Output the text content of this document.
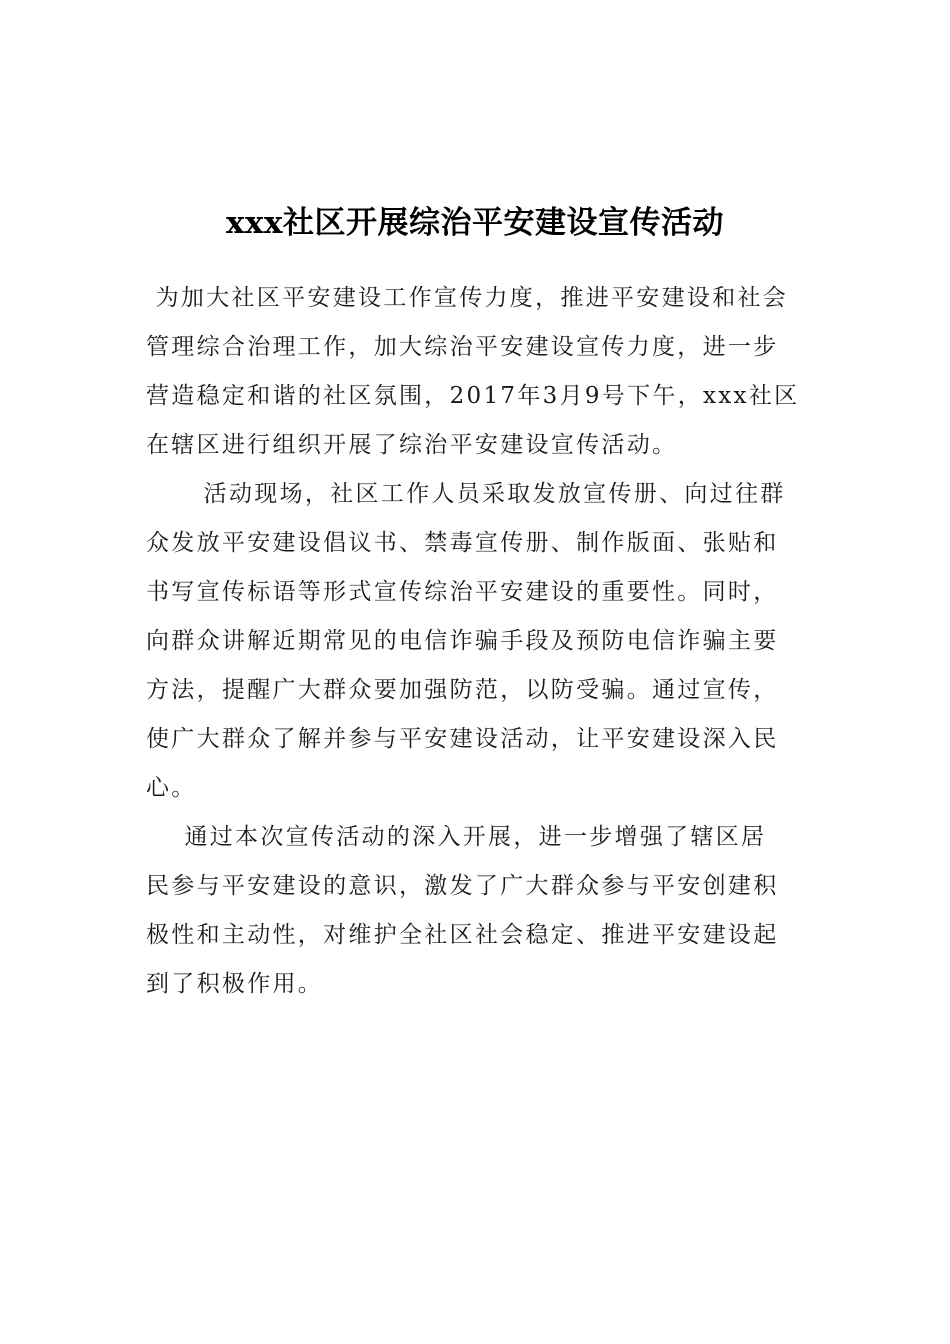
xxx社区开展综治平安建设宣传活动
为加大社区平安建设工作宣传力度，推进平安建设和社会
管理综合治理工作，加大综治平安建设宣传力度，进一步
营造稳定和谐的社区氛围，2017年3月9号下午，xxx社区
在辖区进行组织开展了综治平安建设宣传活动。
活动现场，社区工作人员采取发放宣传册、向过往群
众发放平安建设倡议书、禁毒宣传册、制作版面、张贴和
书写宣传标语等形式宣传综治平安建设的重要性。同时，
向群众讲解近期常见的电信诈骗手段及预防电信诈骗主要
方法，提醒广大群众要加强防范，以防受骗。通过宣传，
使广大群众了解并参与平安建设活动，让平安建设深入民
心。
通过本次宣传活动的深入开展，进一步增强了辖区居
民参与平安建设的意识，激发了广大群众参与平安创建积
极性和主动性，对维护全社区社会稳定、推进平安建设起
到了积极作用。
